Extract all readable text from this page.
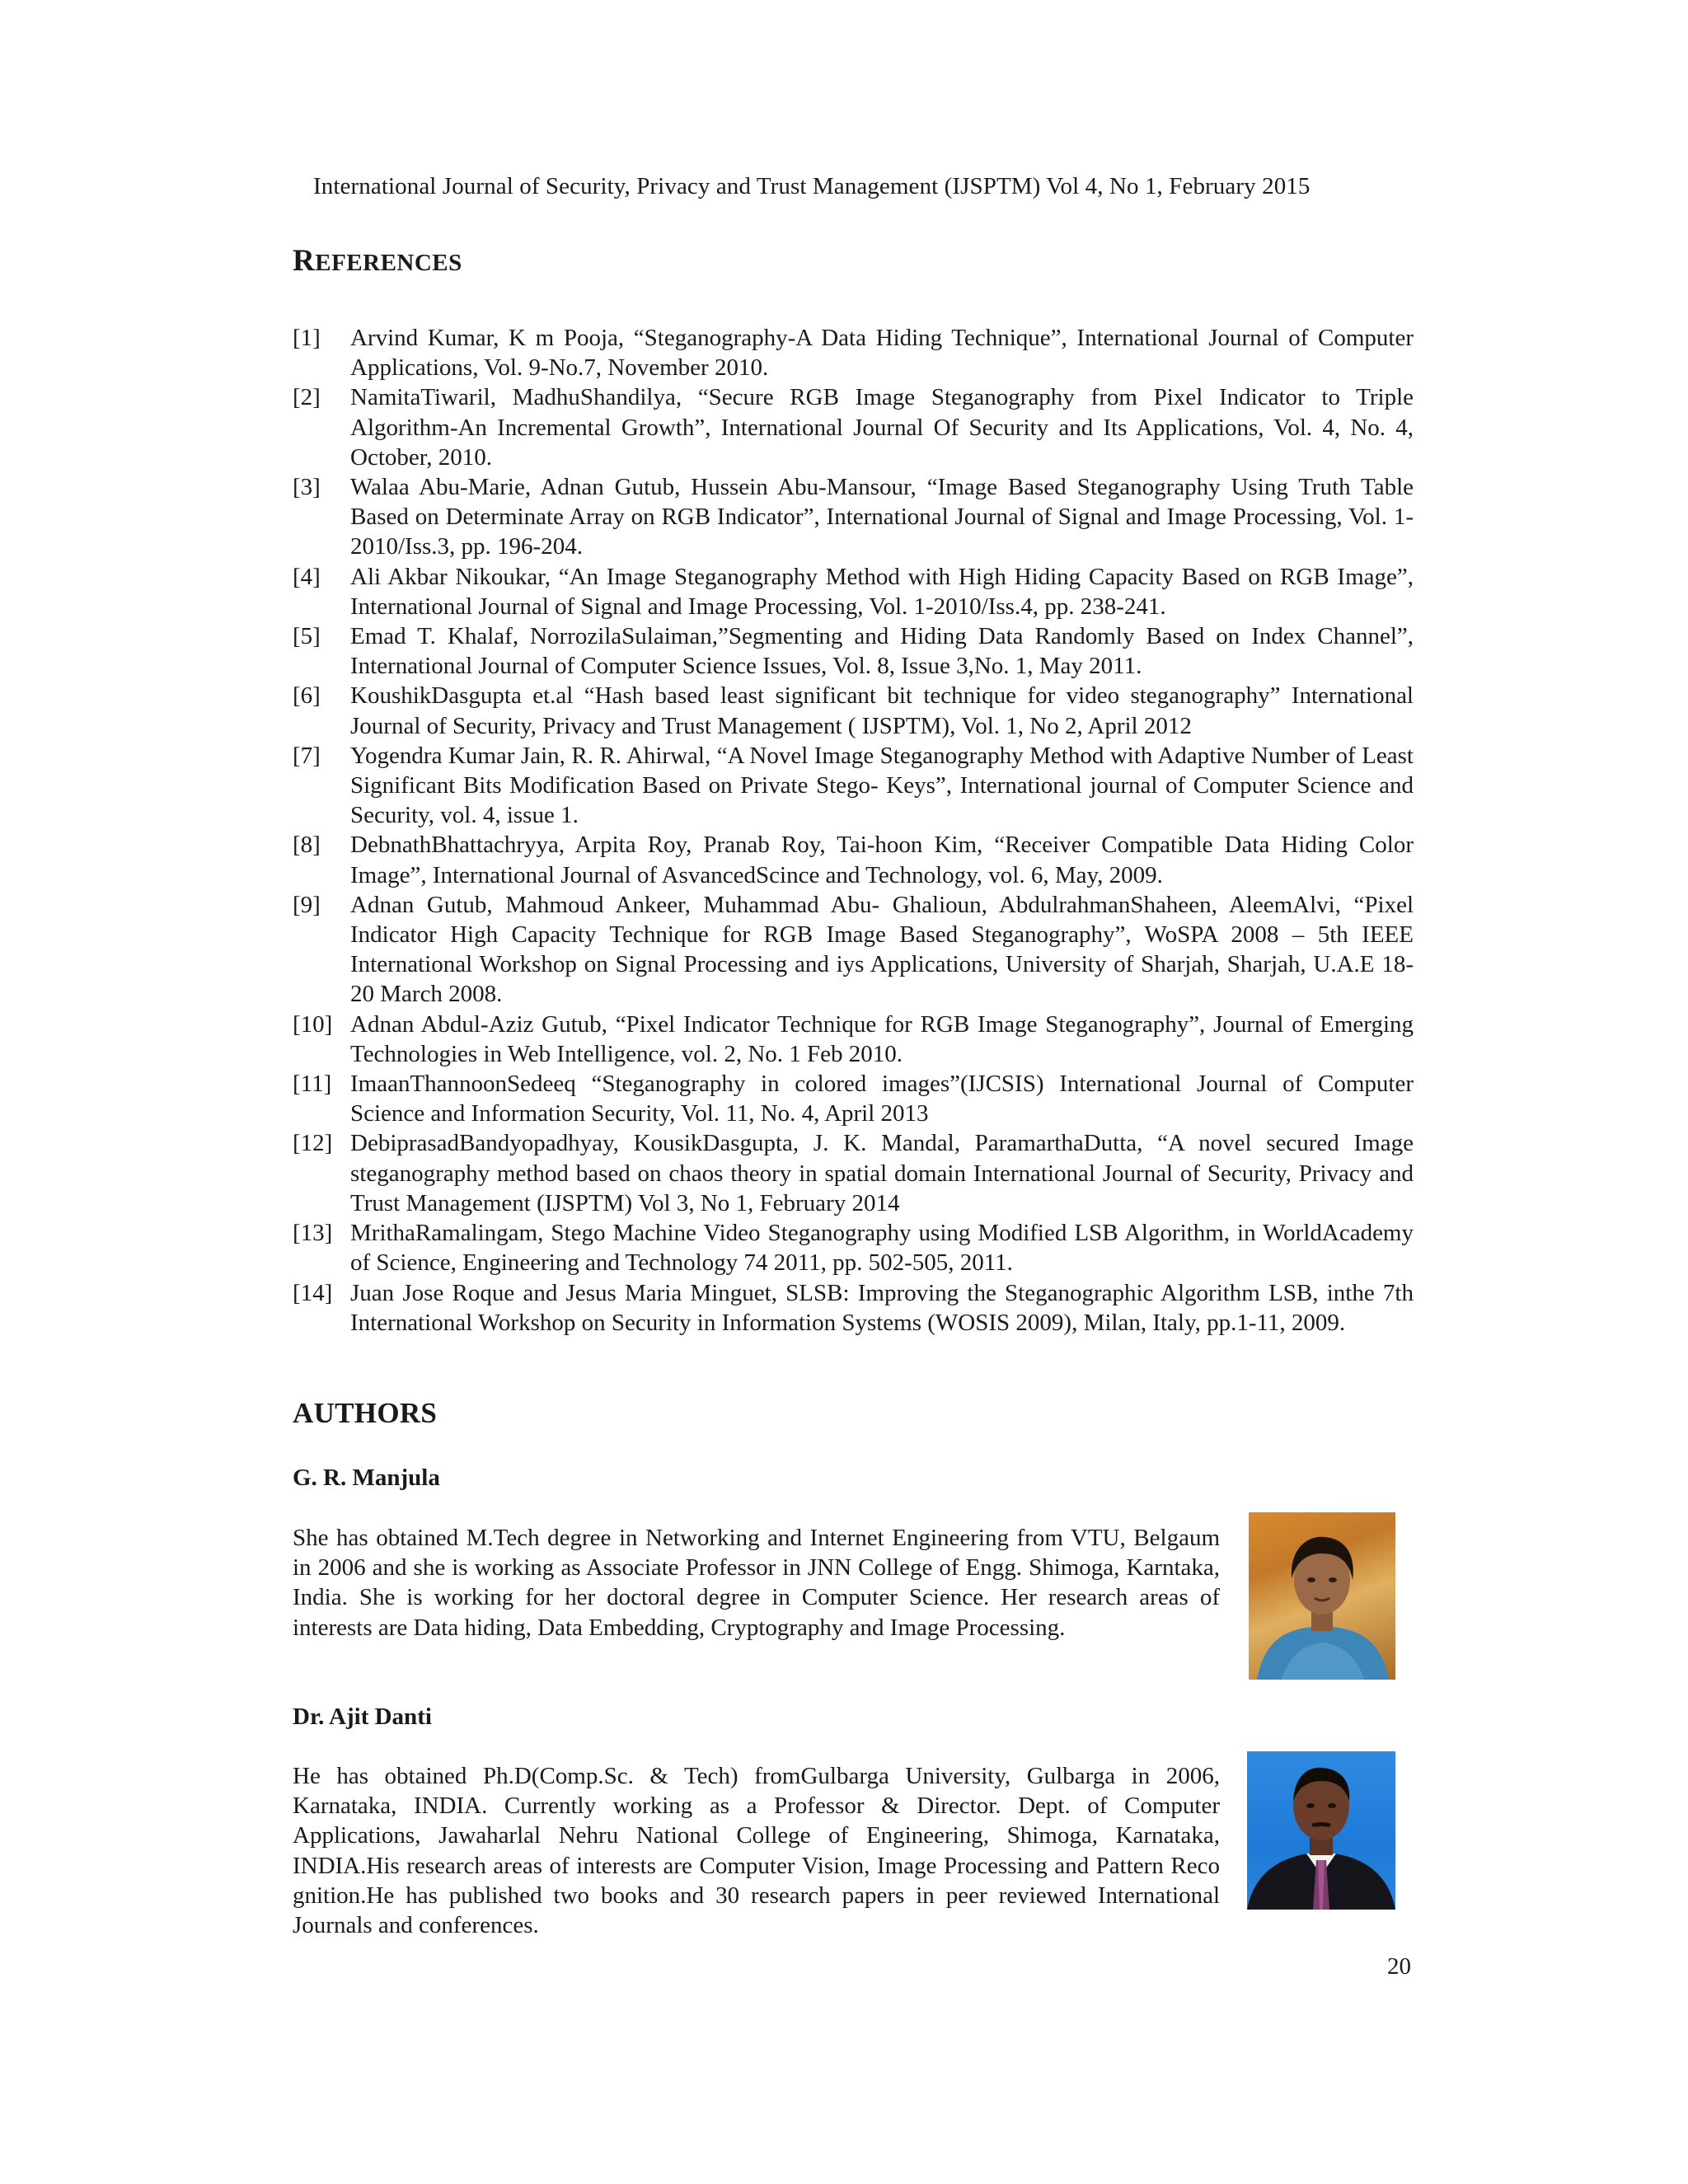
International Journal of Security, Privacy and Trust Management (IJSPTM) Vol 4, No 1, February 2015
REFERENCES
[1]	Arvind Kumar, K m Pooja, “Steganography-A Data Hiding Technique”, International Journal of Computer Applications, Vol. 9-No.7, November 2010.
[2]	NamitaTiwaril, MadhuShandilya, “Secure RGB Image Steganography from Pixel Indicator to Triple Algorithm-An Incremental Growth”, International Journal Of Security and Its Applications, Vol. 4, No. 4, October, 2010.
[3]	Walaa Abu-Marie, Adnan Gutub, Hussein Abu-Mansour, “Image Based Steganography Using Truth Table Based on Determinate Array on RGB Indicator”, International Journal of Signal and Image Processing, Vol. 1-2010/Iss.3, pp. 196-204.
[4]	Ali Akbar Nikoukar, “An Image Steganography Method with High Hiding Capacity Based on RGB Image”, International Journal of Signal and Image Processing, Vol. 1-2010/Iss.4, pp. 238-241.
[5]	Emad T. Khalaf, NorrozilaSulaiman,”Segmenting and Hiding Data Randomly Based on Index Channel”, International Journal of Computer Science Issues, Vol. 8, Issue 3,No. 1, May 2011.
[6]	KoushikDasgupta et.al “Hash based least significant bit technique for video steganography” International Journal of Security, Privacy and Trust Management ( IJSPTM), Vol. 1, No 2, April 2012
[7]	Yogendra Kumar Jain, R. R. Ahirwal, “A Novel Image Steganography Method with Adaptive Number of Least Significant Bits Modification Based on Private Stego- Keys”, International journal of Computer Science and Security, vol. 4, issue 1.
[8]	DebnathBhattachryya, Arpita Roy, Pranab Roy, Tai-hoon Kim, “Receiver Compatible Data Hiding Color Image”, International Journal of AsvancedScince and Technology, vol. 6, May, 2009.
[9]	Adnan Gutub, Mahmoud Ankeer, Muhammad Abu- Ghalioun, AbdulrahmanShaheen, AleemAlvi, “Pixel Indicator High Capacity Technique for RGB Image Based Steganography”, WoSPA 2008 – 5th IEEE International Workshop on Signal Processing and iys Applications, University of Sharjah, Sharjah, U.A.E 18-20 March 2008.
[10] Adnan Abdul-Aziz Gutub, “Pixel Indicator Technique for RGB Image Steganography”, Journal of Emerging Technologies in Web Intelligence, vol. 2, No. 1 Feb 2010.
[11] ImaanThannoonSedeeq “Steganography in colored images”(IJCSIS) International Journal of Computer Science and Information Security, Vol. 11, No. 4, April 2013
[12] DebiprasadBandyopadhyay, KousikDasgupta, J. K. Mandal, ParamarthaDutta, “A novel secured Image steganography method based on chaos theory in spatial domain International Journal of Security, Privacy and Trust Management (IJSPTM) Vol 3, No 1, February 2014
[13] MrithaRamalingam, Stego Machine Video Steganography using Modified LSB Algorithm, in WorldAcademy of Science, Engineering and Technology 74 2011, pp. 502-505, 2011.
[14] Juan Jose Roque and Jesus Maria Minguet, SLSB: Improving the Steganographic Algorithm LSB, inthe 7th International Workshop on Security in Information Systems (WOSIS 2009), Milan, Italy, pp.1-11, 2009.
AUTHORS
G. R. Manjula
She has obtained M.Tech degree in Networking and Internet Engineering from VTU, Belgaum in 2006 and she is working as Associate Professor in JNN College of Engg. Shimoga, Karntaka, India. She is working for her doctoral degree in Computer Science. Her research areas of interests are Data hiding, Data Embedding, Cryptography and Image Processing.
Dr. Ajit Danti
He has obtained Ph.D(Comp.Sc. & Tech) fromGulbarga University, Gulbarga in 2006, Karnataka, INDIA. Currently working as a Professor & Director. Dept. of Computer Applications, Jawaharlal Nehru National College of Engineering, Shimoga, Karnataka, INDIA.His research areas of interests are Computer Vision, Image Processing and Pattern Reco gnition.He has published two books and 30 research papers in peer reviewed International Journals and conferences.
20
